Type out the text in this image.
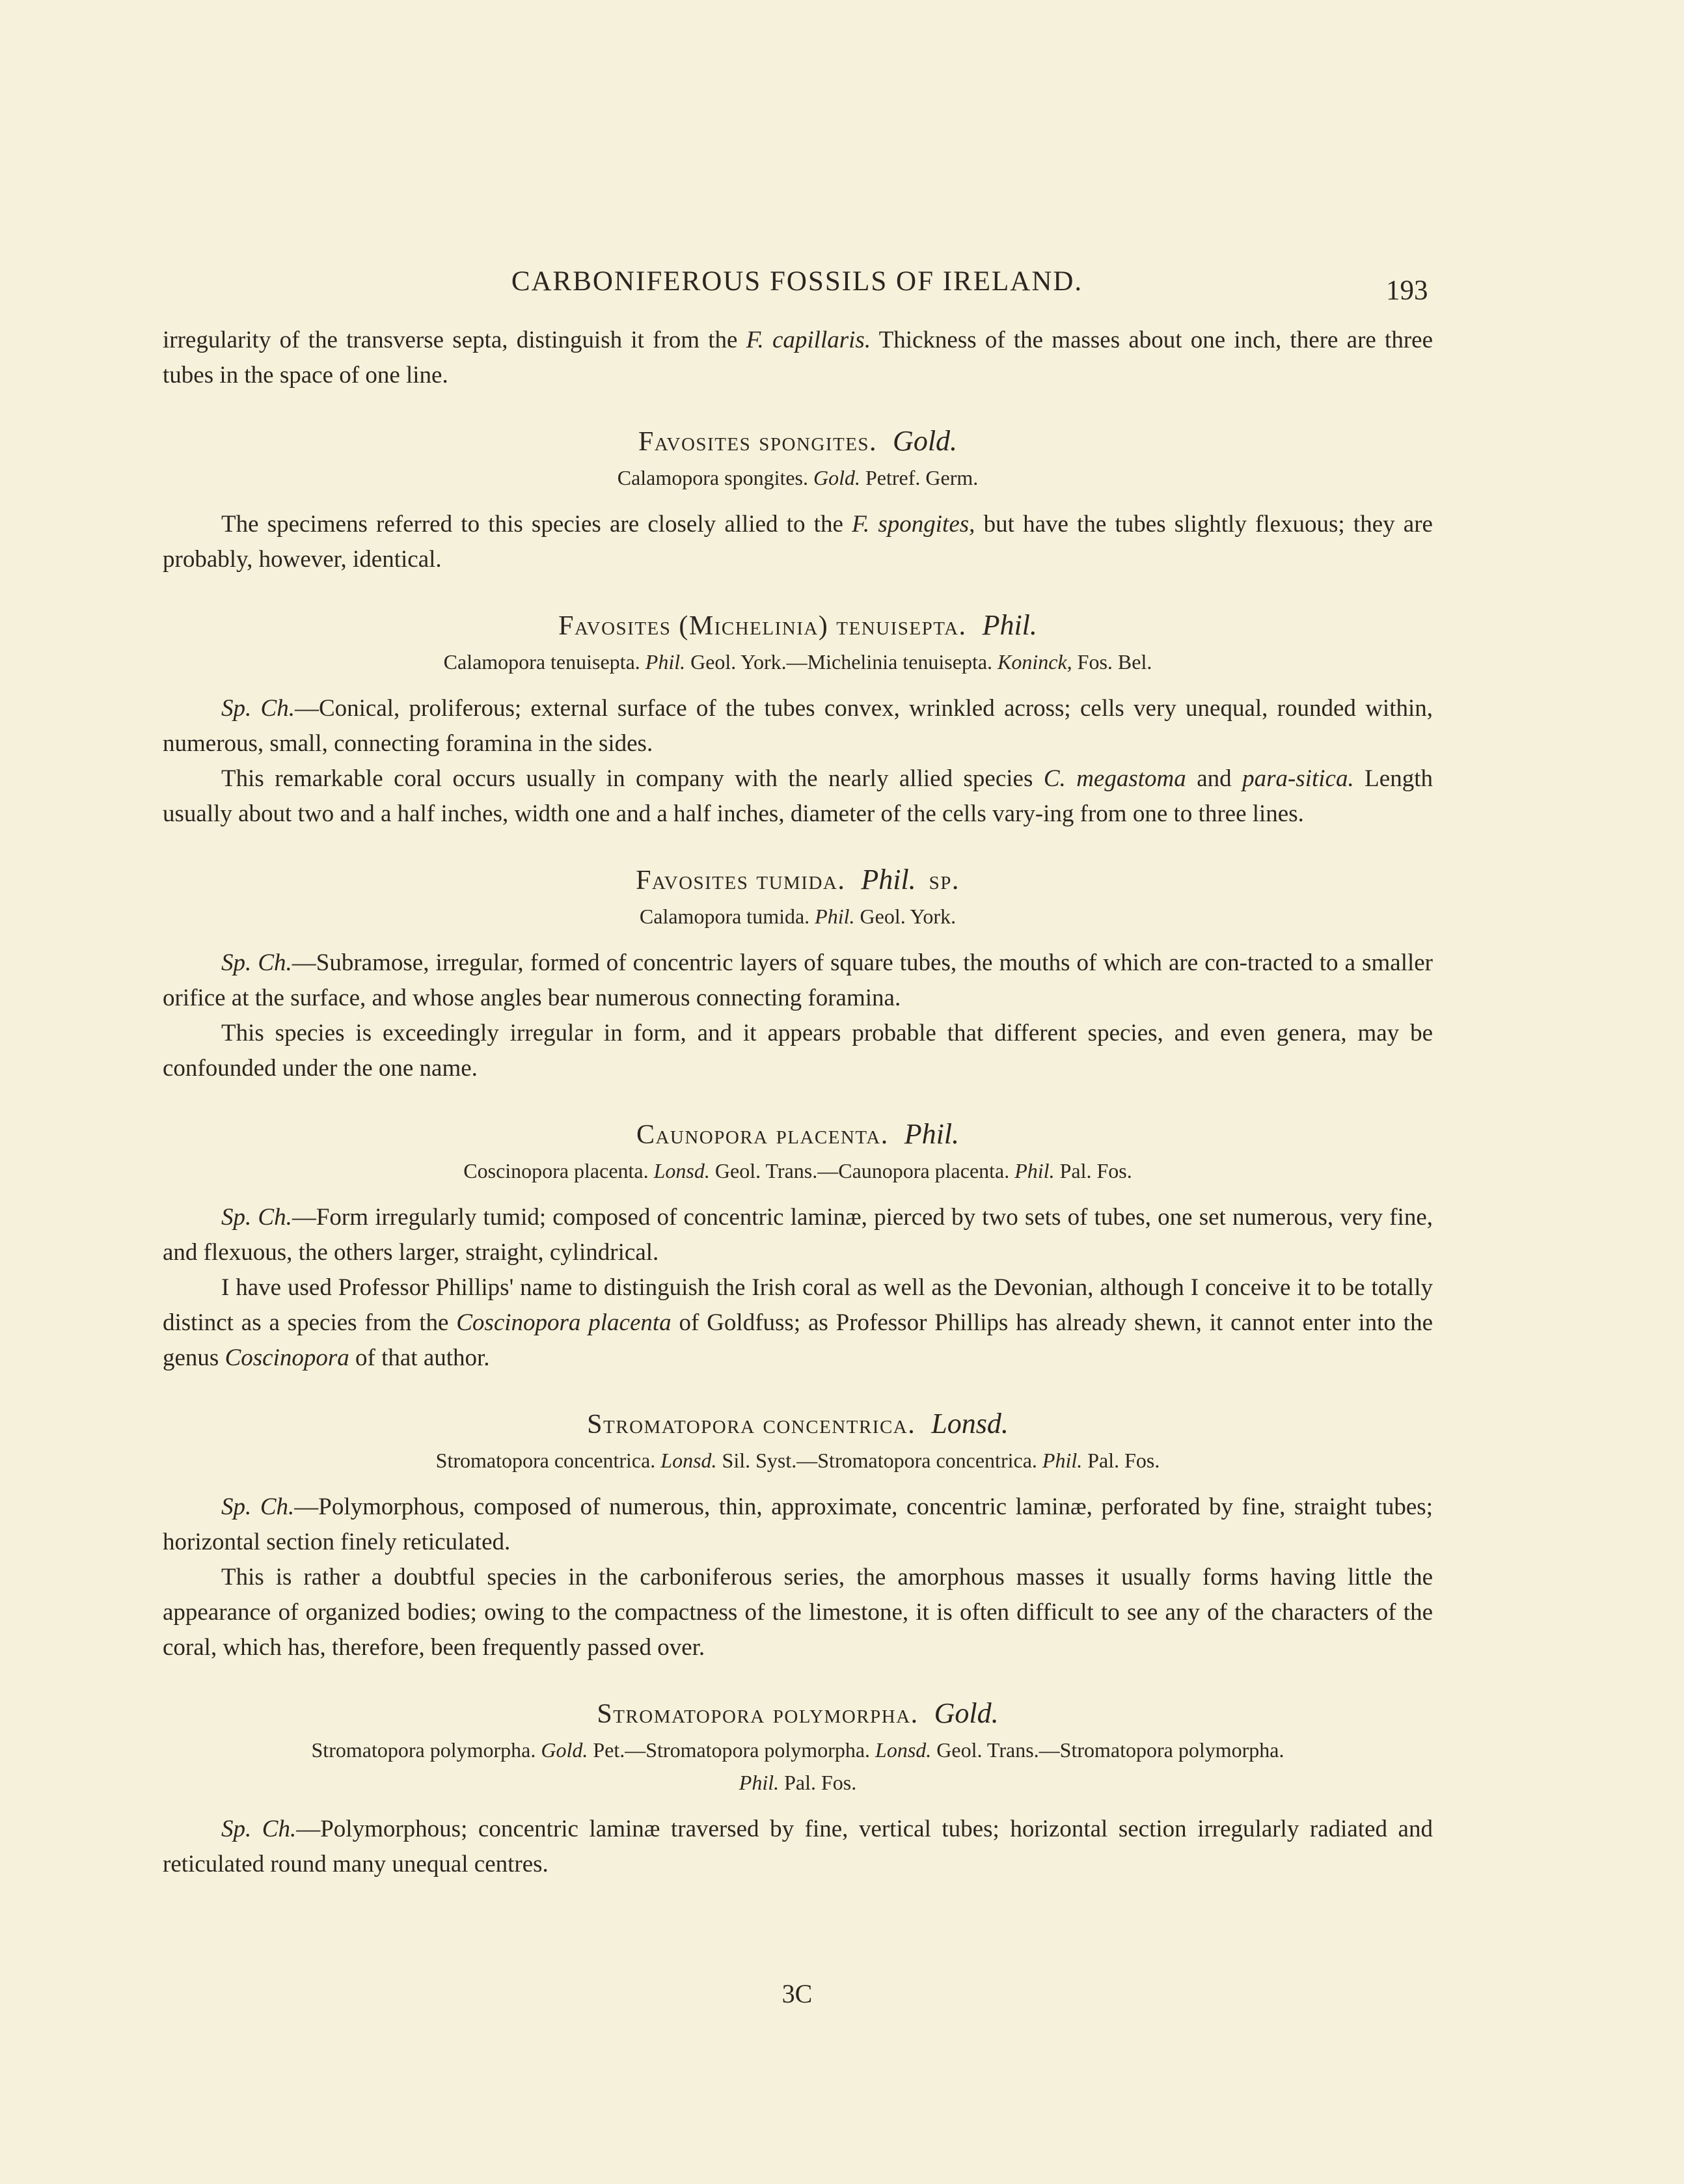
CARBONIFEROUS FOSSILS OF IRELAND.	193

irregularity of the transverse septa, distinguish it from the F. capillaris. Thickness of the masses about one inch, there are three tubes in the space of one line.

Favosites spongites. Gold.
Calamopora spongites. Gold. Petref. Germ.

The specimens referred to this species are closely allied to the F. spongites, but have the tubes slightly flexuous; they are probably, however, identical.

Favosites (Michelinia) tenuisepta. Phil.
Calamopora tenuisepta. Phil. Geol. York.—Michelinia tenuisepta. Koninck, Fos. Bel.

Sp. Ch.—Conical, proliferous; external surface of the tubes convex, wrinkled across; cells very unequal, rounded within, numerous, small, connecting foramina in the sides.

This remarkable coral occurs usually in company with the nearly allied species C. megastoma and para-sitica. Length usually about two and a half inches, width one and a half inches, diameter of the cells vary-ing from one to three lines.

Favosites tumida. Phil. sp.
Calamopora tumida. Phil. Geol. York.

Sp. Ch.—Subramose, irregular, formed of concentric layers of square tubes, the mouths of which are con-tracted to a smaller orifice at the surface, and whose angles bear numerous connecting foramina.

This species is exceedingly irregular in form, and it appears probable that different species, and even genera, may be confounded under the one name.

Caunopora placenta. Phil.
Coscinopora placenta. Lonsd. Geol. Trans.—Caunopora placenta. Phil. Pal. Fos.

Sp. Ch.—Form irregularly tumid; composed of concentric laminæ, pierced by two sets of tubes, one set numerous, very fine, and flexuous, the others larger, straight, cylindrical.

I have used Professor Phillips' name to distinguish the Irish coral as well as the Devonian, although I conceive it to be totally distinct as a species from the Coscinopora placenta of Goldfuss; as Professor Phillips has already shewn, it cannot enter into the genus Coscinopora of that author.

Stromatopora concentrica. Lonsd.
Stromatopora concentrica. Lonsd. Sil. Syst.—Stromatopora concentrica. Phil. Pal. Fos.

Sp. Ch.—Polymorphous, composed of numerous, thin, approximate, concentric laminæ, perforated by fine, straight tubes; horizontal section finely reticulated.

This is rather a doubtful species in the carboniferous series, the amorphous masses it usually forms having little the appearance of organized bodies; owing to the compactness of the limestone, it is often difficult to see any of the characters of the coral, which has, therefore, been frequently passed over.

Stromatopora polymorpha. Gold.
Stromatopora polymorpha. Gold. Pet.—Stromatopora polymorpha. Lonsd. Geol. Trans.—Stromatopora polymorpha.
Phil. Pal. Fos.

Sp. Ch.—Polymorphous; concentric laminæ traversed by fine, vertical tubes; horizontal section irregularly radiated and reticulated round many unequal centres.

3C
